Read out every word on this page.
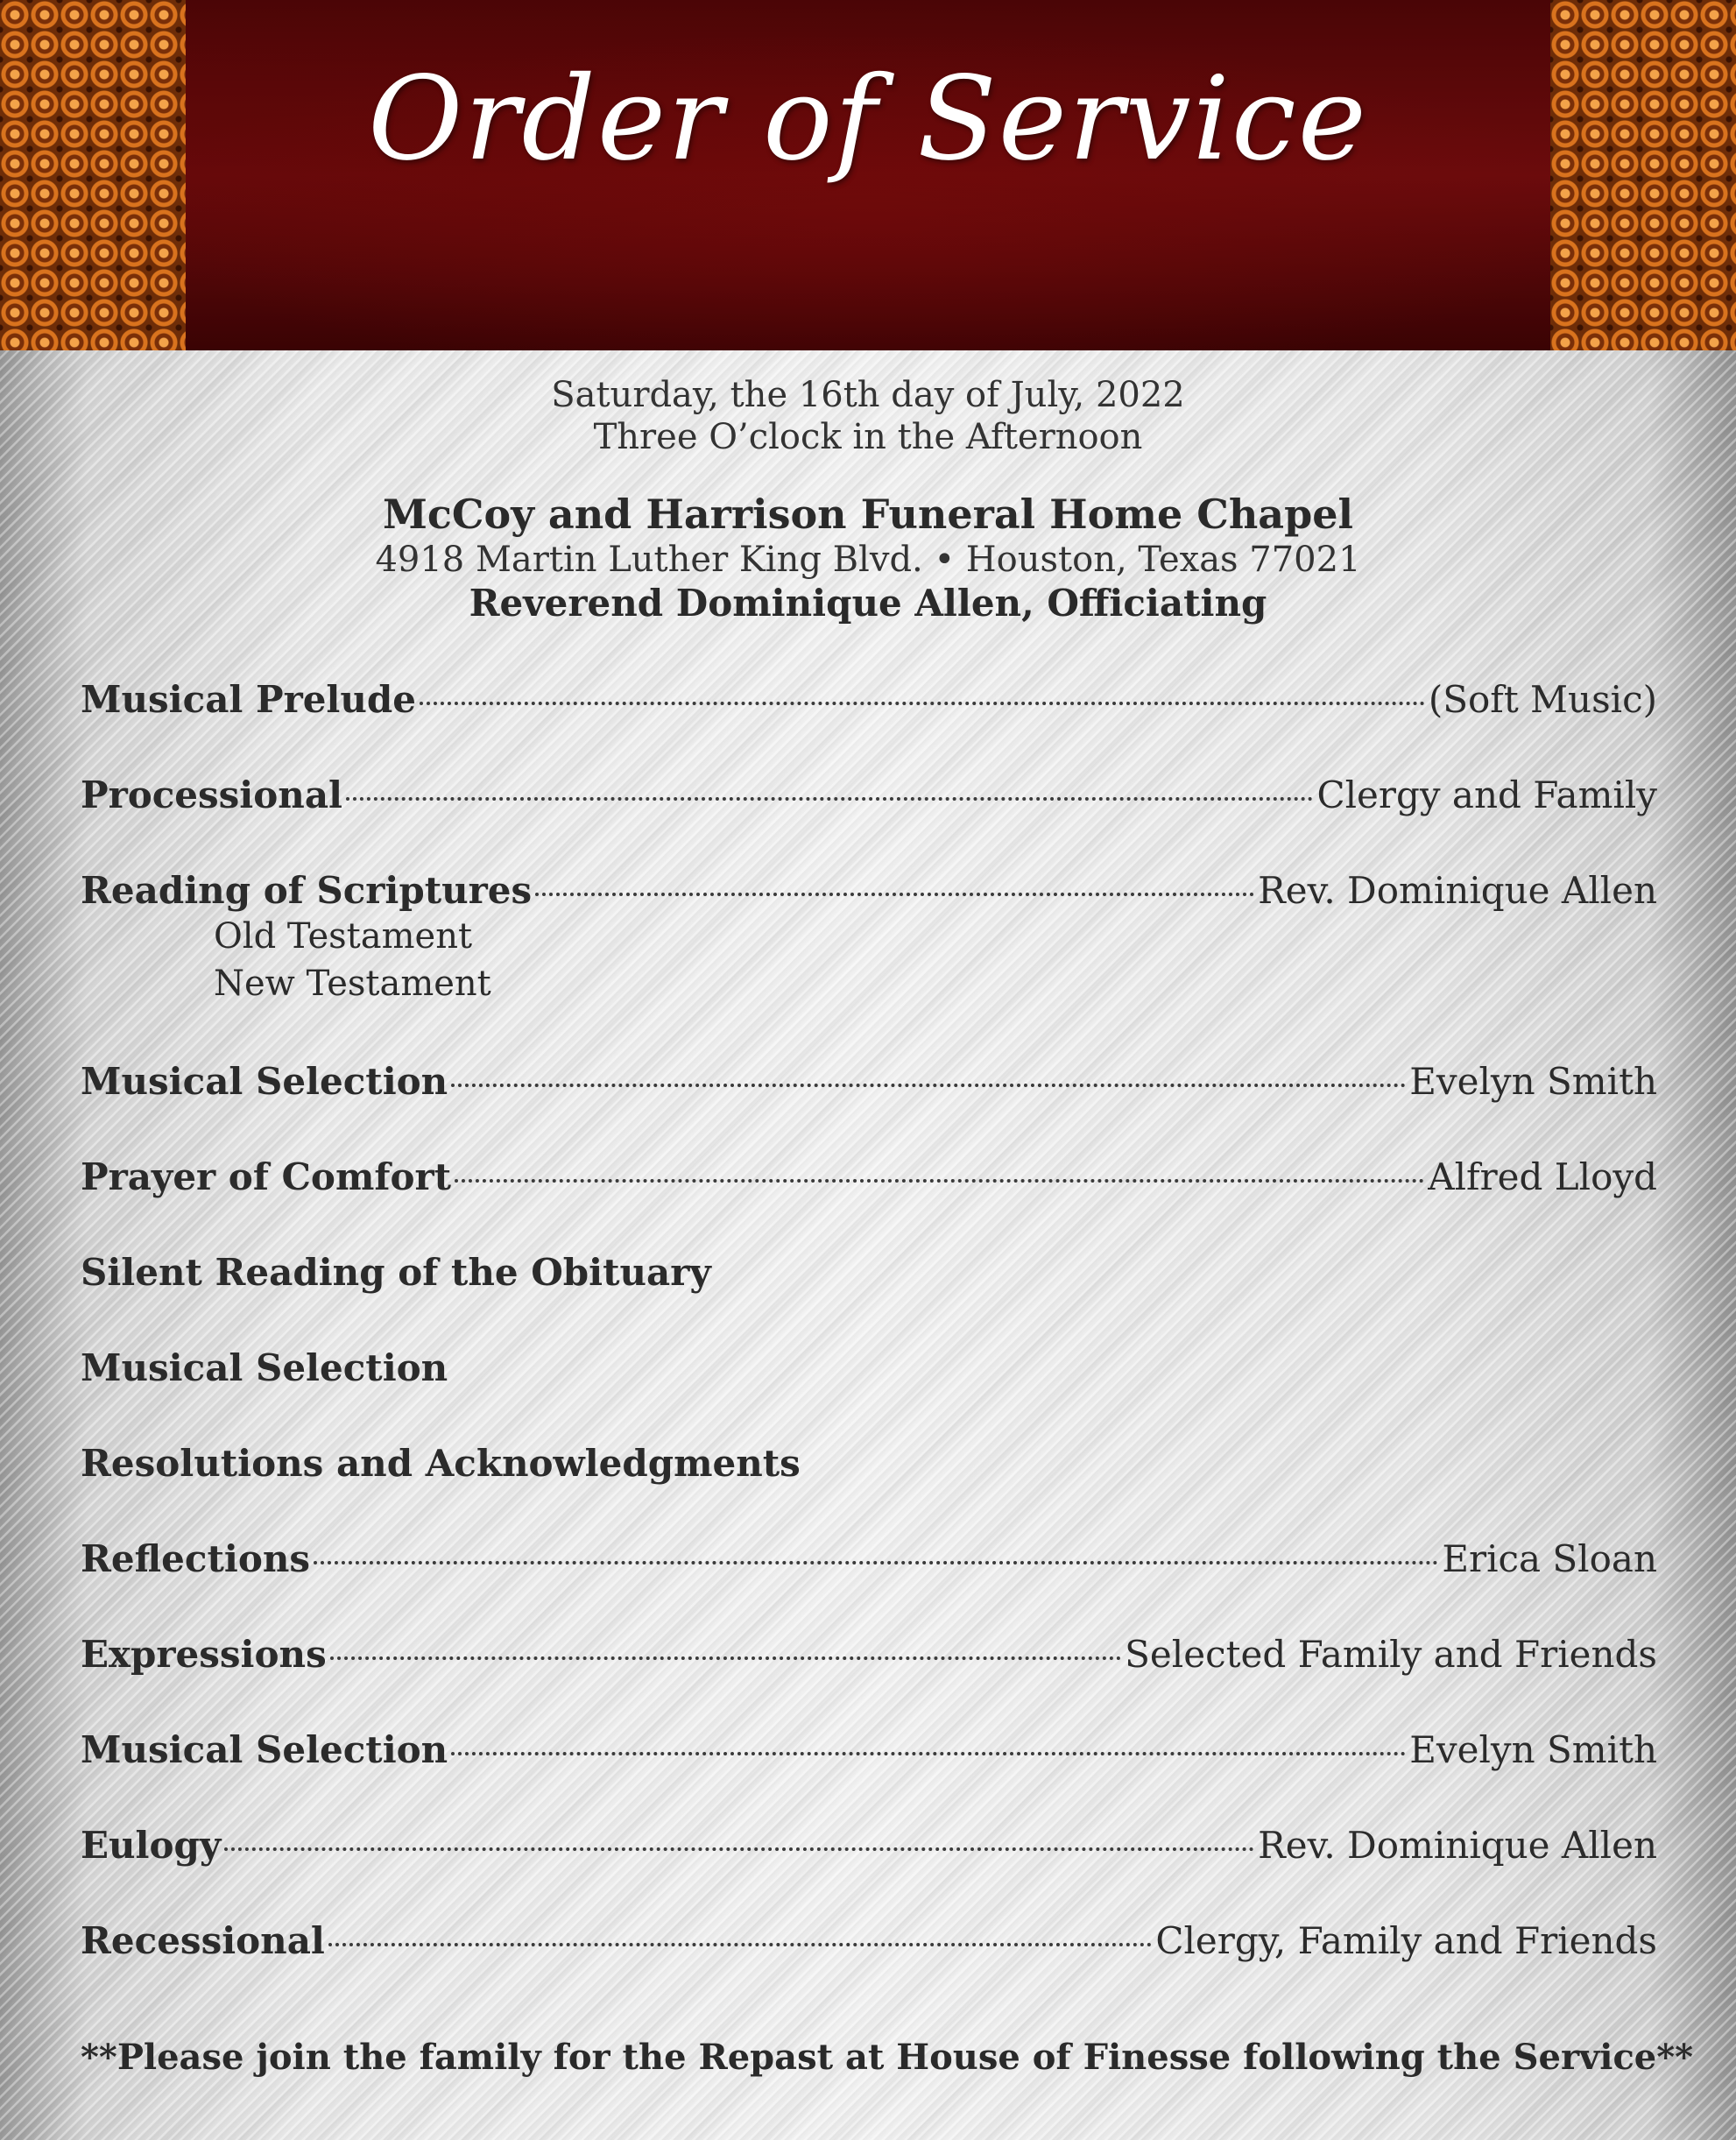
Order of Service
Saturday, the 16th day of July, 2022
Three O’clock in the Afternoon
McCoy and Harrison Funeral Home Chapel
4918 Martin Luther King Blvd. • Houston, Texas 77021
Reverend Dominique Allen, Officiating
Musical Prelude	(Soft Music)
Processional	Clergy and Family
Reading of Scriptures	Rev. Dominique Allen
Old Testament
New Testament
Musical Selection	Evelyn Smith
Prayer of Comfort	Alfred Lloyd
Silent Reading of the Obituary
Musical Selection
Resolutions and Acknowledgments
Reflections	Erica Sloan
Expressions	Selected Family and Friends
Musical Selection	Evelyn Smith
Eulogy	Rev. Dominique Allen
Recessional	Clergy, Family and Friends
**Please join the family for the Repast at House of Finesse following the Service**
